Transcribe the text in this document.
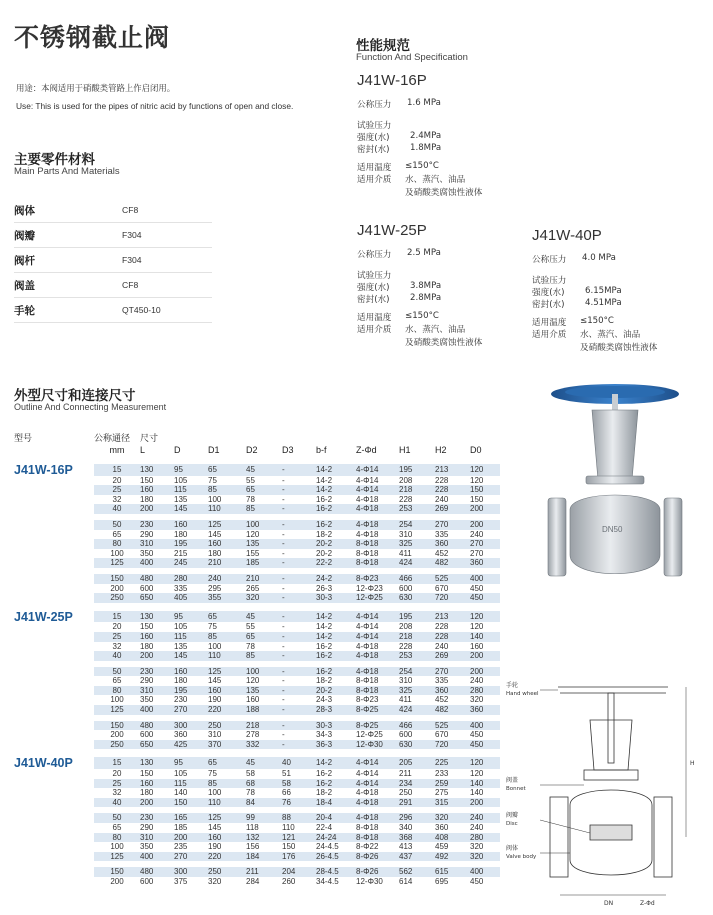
不锈钢截止阀
用途：本阀适用于硝酸类管路上作启闭用。
Use: This is used for the pipes of nitric acid by functions of open and close.
主要零件材料
Main Parts And Materials
阀体	CF8
阀瓣	F304
阀杆	F304
阀盖	CF8
手轮	QT450-10
性能规范
Function And Specification
J41W-16P
公称压力 1.6 MPa
试验压力
强度(水) 2.4MPa
密封(水) 1.8MPa
适用温度 ≤150°C
适用介质 水、蒸汽、油品
及硝酸类腐蚀性液体
J41W-25P
公称压力 2.5 MPa
试验压力
强度(水) 3.8MPa
密封(水) 2.8MPa
适用温度 ≤150°C
适用介质 水、蒸汽、油品
及硝酸类腐蚀性液体
J41W-40P
公称压力 4.0 MPa
试验压力
强度(水) 6.15MPa
密封(水) 4.51MPa
适用温度 ≤150°C
适用介质 水、蒸汽、油品
及硝酸类腐蚀性液体
外型尺寸和连接尺寸
Outline And Connecting Measurement
型号	公称通径	尺寸									
	mm	L	D	D1	D2	D3	b-f	Z-Φd	H1	H2	D0

J41W-16P	15	130	95	65	45	-	14-2	4-Φ14	195	213	120
	20	150	105	75	55	-	14-2	4-Φ14	208	228	120
	25	160	115	85	65	-	14-2	4-Φ14	218	228	150
	32	180	135	100	78	-	16-2	4-Φ18	228	240	150
	40	200	145	110	85	-	16-2	4-Φ18	253	269	200

	50	230	160	125	100	-	16-2	4-Φ18	254	270	200
	65	290	180	145	120	-	18-2	4-Φ18	310	335	240
	80	310	195	160	135	-	20-2	8-Φ18	325	360	270
	100	350	215	180	155	-	20-2	8-Φ18	411	452	270
	125	400	245	210	185	-	22-2	8-Φ18	424	482	360

	150	480	280	240	210	-	24-2	8-Φ23	466	525	400
	200	600	335	295	265	-	26-3	12-Φ23	600	670	450
	250	650	405	355	320	-	30-3	12-Φ25	630	720	450

J41W-25P	15	130	95	65	45	-	14-2	4-Φ14	195	213	120
	20	150	105	75	55	-	14-2	4-Φ14	208	228	120
	25	160	115	85	65	-	14-2	4-Φ14	218	228	140
	32	180	135	100	78	-	16-2	4-Φ18	228	240	160
	40	200	145	110	85	-	16-2	4-Φ18	253	269	200

	50	230	160	125	100	-	16-2	4-Φ18	254	270	200
	65	290	180	145	120	-	18-2	8-Φ18	310	335	240
	80	310	195	160	135	-	20-2	8-Φ18	325	360	280
	100	350	230	190	160	-	24-3	8-Φ23	411	452	320
	125	400	270	220	188	-	28-3	8-Φ25	424	482	360

	150	480	300	250	218	-	30-3	8-Φ25	466	525	400
	200	600	360	310	278	-	34-3	12-Φ25	600	670	450
	250	650	425	370	332	-	36-3	12-Φ30	630	720	450

J41W-40P	15	130	95	65	45	40	14-2	4-Φ14	205	225	120
	20	150	105	75	58	51	16-2	4-Φ14	211	233	120
	25	160	115	85	68	58	16-2	4-Φ14	234	259	140
	32	180	140	100	78	66	18-2	4-Φ18	250	275	140
	40	200	150	110	84	76	18-4	4-Φ18	291	315	200

	50	230	165	125	99	88	20-4	4-Φ18	296	320	240
	65	290	185	145	118	110	22-4	8-Φ18	340	360	240
	80	310	200	160	132	121	24-24	8-Φ18	368	408	280
	100	350	235	190	156	150	24-4.5	8-Φ22	413	459	320
	125	400	270	220	184	176	26-4.5	8-Φ26	437	492	320

	150	480	300	250	211	204	28-4.5	8-Φ26	562	615	400
	200	600	375	320	284	260	34-4.5	12-Φ30	614	695	450
DN50
手轮
Hand wheel
阀盖
Bonnet
阀瓣
Disc
阀体
Valve body
H
DN	Z-Φd
